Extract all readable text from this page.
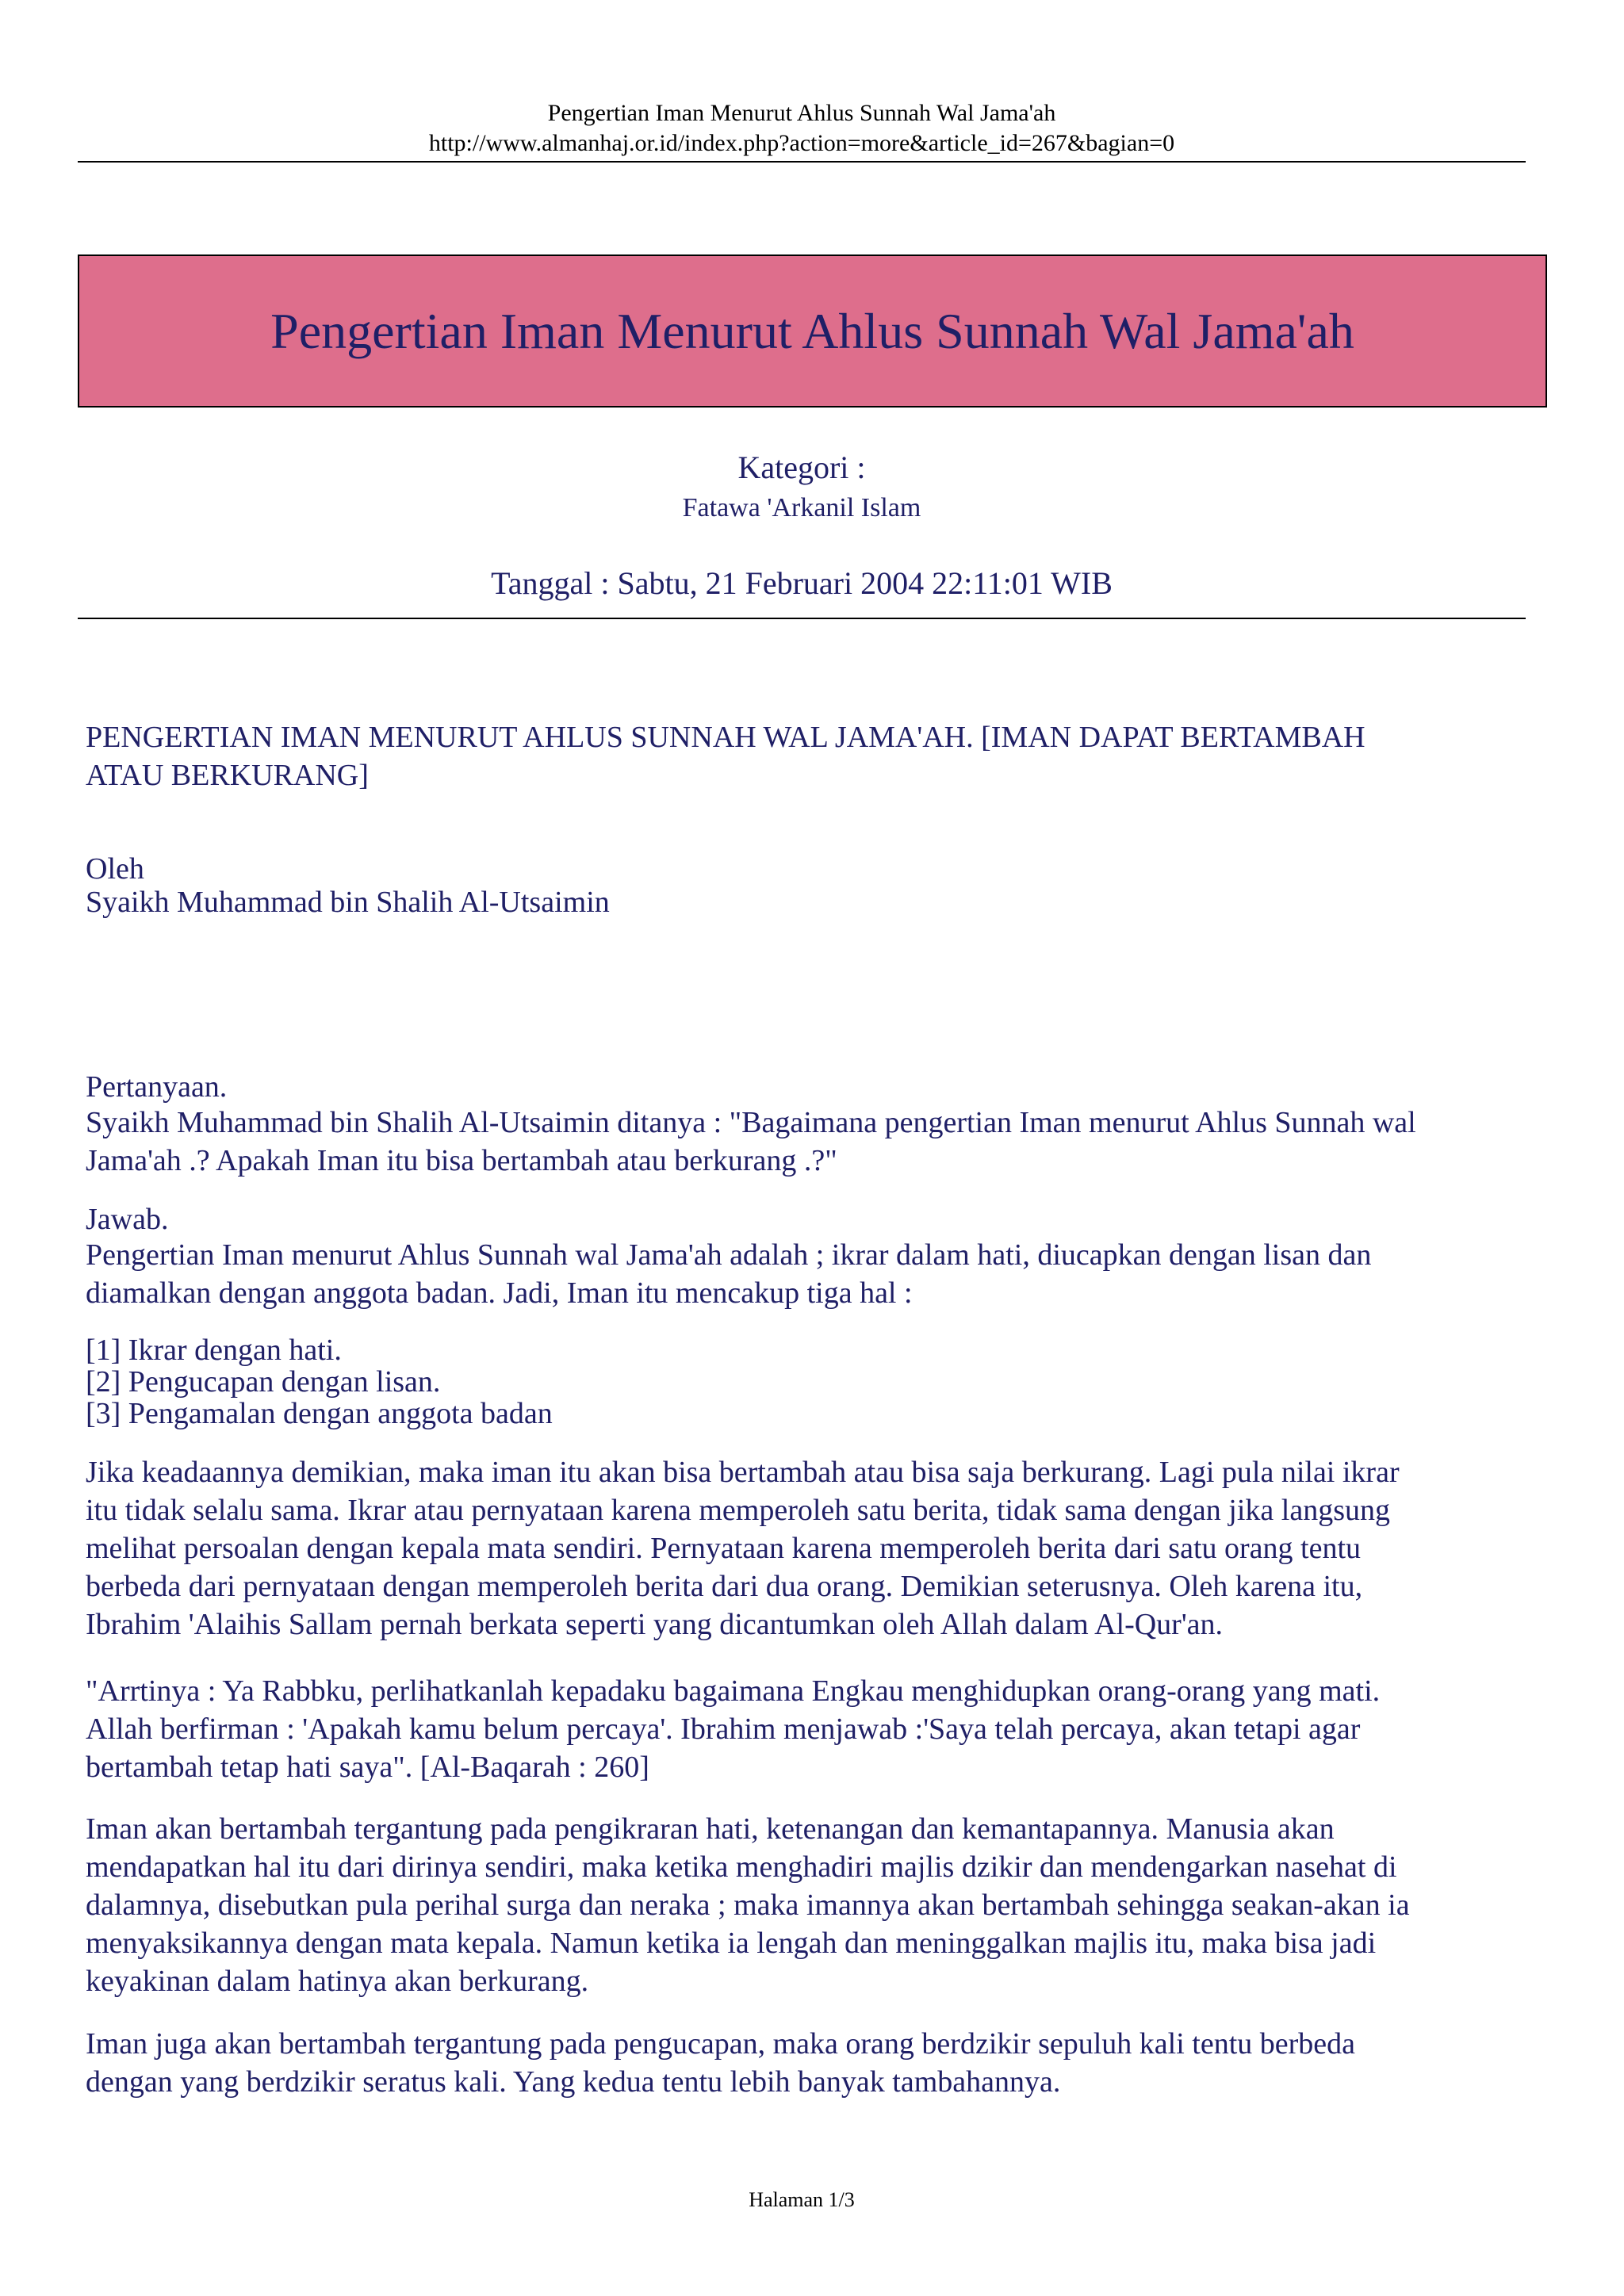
Pengertian Iman Menurut Ahlus Sunnah Wal Jama'ah
http://www.almanhaj.or.id/index.php?action=more&article_id=267&bagian=0
Pengertian Iman Menurut Ahlus Sunnah Wal Jama'ah
Kategori :
Fatawa 'Arkanil Islam
Tanggal : Sabtu, 21 Februari 2004 22:11:01 WIB

PENGERTIAN IMAN MENURUT AHLUS SUNNAH WAL JAMA'AH. [IMAN DAPAT BERTAMBAH

ATAU BERKURANG]

Oleh

Syaikh Muhammad bin Shalih Al-Utsaimin

Pertanyaan.

Syaikh Muhammad bin Shalih Al-Utsaimin ditanya : "Bagaimana pengertian Iman menurut Ahlus Sunnah wal

Jama'ah .? Apakah Iman itu bisa bertambah atau berkurang .?"

Jawab.

Pengertian Iman menurut Ahlus Sunnah wal Jama'ah adalah ; ikrar dalam hati, diucapkan dengan lisan dan

diamalkan dengan anggota badan. Jadi, Iman itu mencakup tiga hal :

[1] Ikrar dengan hati.

[2] Pengucapan dengan lisan.

[3] Pengamalan dengan anggota badan

Jika keadaannya demikian, maka iman itu akan bisa bertambah atau bisa saja berkurang. Lagi pula nilai ikrar

itu tidak selalu sama. Ikrar atau pernyataan karena memperoleh satu berita, tidak sama dengan jika langsung

melihat persoalan dengan kepala mata sendiri. Pernyataan karena memperoleh berita dari satu orang tentu

berbeda dari pernyataan dengan memperoleh berita dari dua orang. Demikian seterusnya. Oleh karena itu,

Ibrahim 'Alaihis Sallam pernah berkata seperti yang dicantumkan oleh Allah dalam Al-Qur'an.

"Arrtinya : Ya Rabbku, perlihatkanlah kepadaku bagaimana Engkau menghidupkan orang-orang yang mati.

Allah berfirman : 'Apakah kamu belum percaya'. Ibrahim menjawab :'Saya telah percaya, akan tetapi agar

bertambah tetap hati saya". [Al-Baqarah : 260]

Iman akan bertambah tergantung pada pengikraran hati, ketenangan dan kemantapannya. Manusia akan

mendapatkan hal itu dari dirinya sendiri, maka ketika menghadiri majlis dzikir dan mendengarkan nasehat di

dalamnya, disebutkan pula perihal surga dan neraka ; maka imannya akan bertambah sehingga seakan-akan ia

menyaksikannya dengan mata kepala. Namun ketika ia lengah dan meninggalkan majlis itu, maka bisa jadi

keyakinan dalam hatinya akan berkurang.

Iman juga akan bertambah tergantung pada pengucapan, maka orang berdzikir sepuluh kali tentu berbeda

dengan yang berdzikir seratus kali. Yang kedua tentu lebih banyak tambahannya.

Halaman 1/3
